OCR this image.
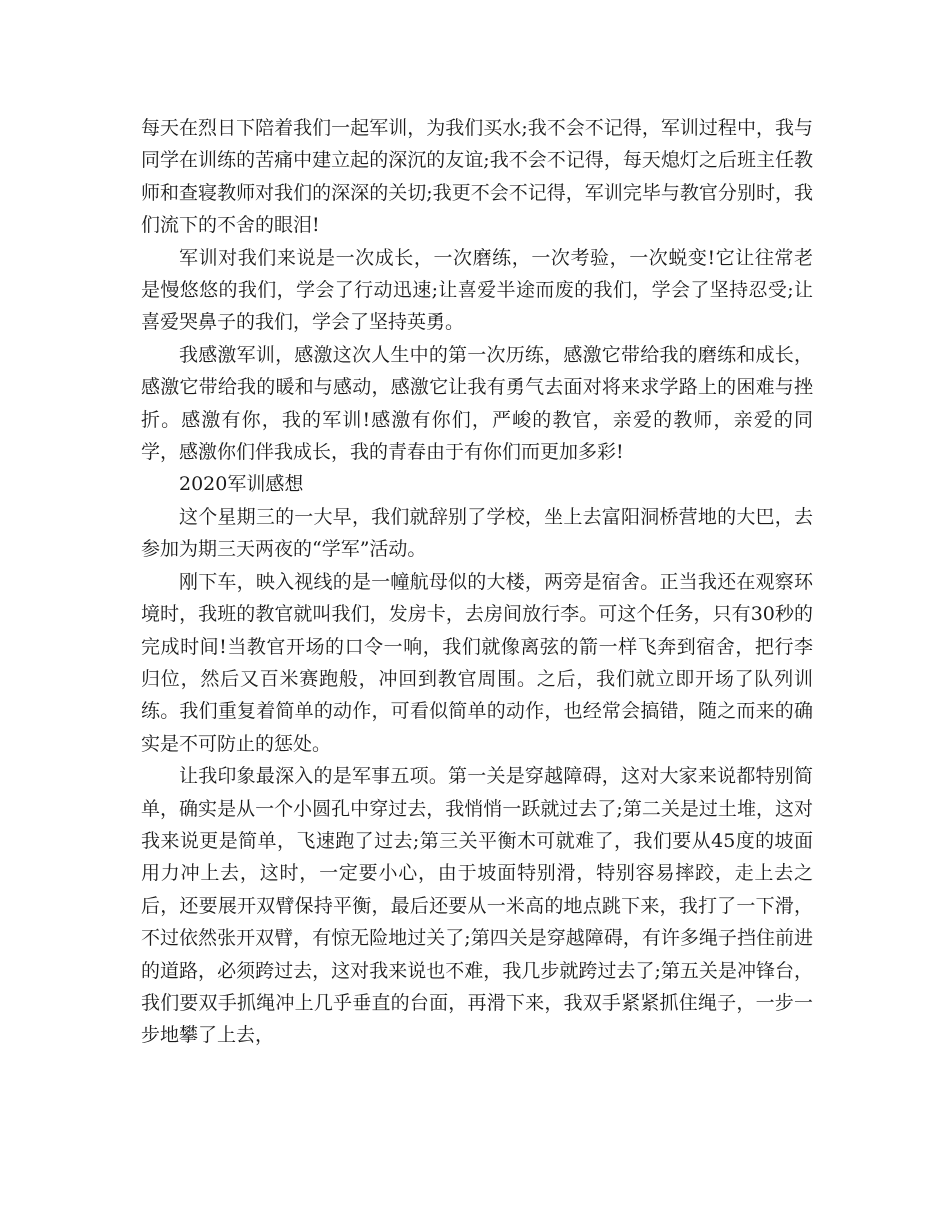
每天在烈日下陪着我们一起军训，为我们买水;我不会不记得，军训过程中，我与同学在训练的苦痛中建立起的深沉的友谊;我不会不记得，每天熄灯之后班主任教师和查寝教师对我们的深深的关切;我更不会不记得，军训完毕与教官分别时，我们流下的不舍的眼泪!

军训对我们来说是一次成长，一次磨练，一次考验，一次蜕变!它让往常老是慢悠悠的我们，学会了行动迅速;让喜爱半途而废的我们，学会了坚持忍受;让喜爱哭鼻子的我们，学会了坚持英勇。

我感激军训，感激这次人生中的第一次历练，感激它带给我的磨练和成长，感激它带给我的暖和与感动，感激它让我有勇气去面对将来求学路上的困难与挫折。感激有你，我的军训!感激有你们，严峻的教官，亲爱的教师，亲爱的同学，感激你们伴我成长，我的青春由于有你们而更加多彩!

2020军训感想

这个星期三的一大早，我们就辞别了学校，坐上去富阳洞桥营地的大巴，去参加为期三天两夜的“学军”活动。

刚下车，映入视线的是一幢航母似的大楼，两旁是宿舍。正当我还在观察环境时，我班的教官就叫我们，发房卡，去房间放行李。可这个任务，只有30秒的完成时间!当教官开场的口令一响，我们就像离弦的箭一样飞奔到宿舍，把行李归位，然后又百米赛跑般，冲回到教官周围。之后，我们就立即开场了队列训练。我们重复着简单的动作，可看似简单的动作，也经常会搞错，随之而来的确实是不可防止的惩处。

让我印象最深入的是军事五项。第一关是穿越障碍，这对大家来说都特别简单，确实是从一个小圆孔中穿过去，我悄悄一跃就过去了;第二关是过土堆，这对我来说更是简单，飞速跑了过去;第三关平衡木可就难了，我们要从45度的坡面用力冲上去，这时，一定要小心，由于坡面特别滑，特别容易摔跤，走上去之后，还要展开双臂保持平衡，最后还要从一米高的地点跳下来，我打了一下滑，不过依然张开双臂，有惊无险地过关了;第四关是穿越障碍，有许多绳子挡住前进的道路，必须跨过去，这对我来说也不难，我几步就跨过去了;第五关是冲锋台，我们要双手抓绳冲上几乎垂直的台面，再滑下来，我双手紧紧抓住绳子，一步一步地攀了上去，
